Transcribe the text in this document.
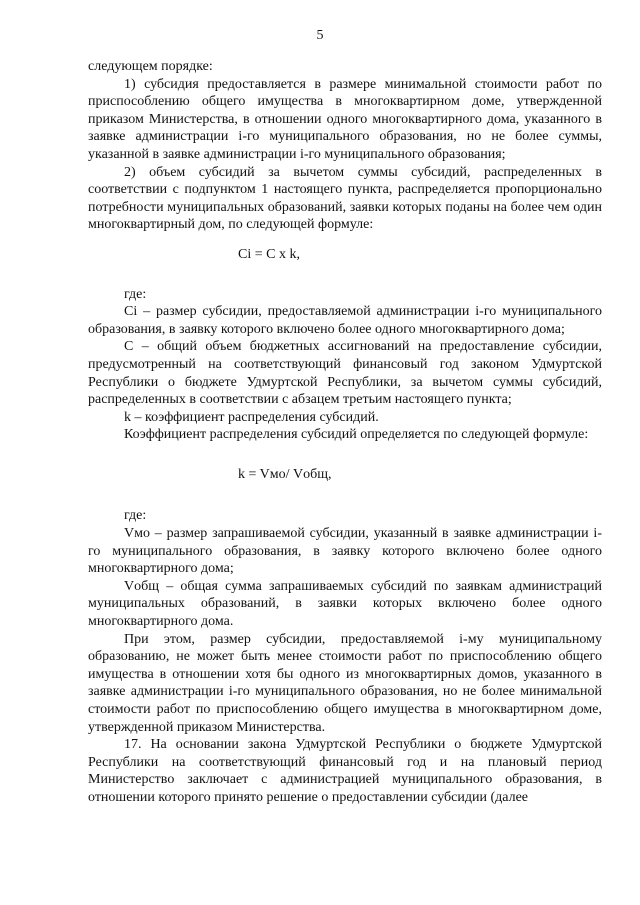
5

следующем порядке:

1) субсидия предоставляется в размере минимальной стоимости работ по приспособлению общего имущества в многоквартирном доме, утвержденной приказом Министерства, в отношении одного многоквартирного дома, указанного в заявке администрации i-го муниципального образования, но не более суммы, указанной в заявке администрации i-го муниципального образования;

2) объем субсидий за вычетом суммы субсидий, распределенных в соответствии с подпунктом 1 настоящего пункта, распределяется пропорционально потребности муниципальных образований, заявки которых поданы на более чем один многоквартирный дом, по следующей формуле:

Ci = C x k,

где:

Ci – размер субсидии, предоставляемой администрации i-го муниципального образования, в заявку которого включено более одного многоквартирного дома;

C – общий объем бюджетных ассигнований на предоставление субсидии, предусмотренный на соответствующий финансовый год законом Удмуртской Республики о бюджете Удмуртской Республики, за вычетом суммы субсидий, распределенных в соответствии с абзацем третьим настоящего пункта;

k – коэффициент распределения субсидий.

Коэффициент распределения субсидий определяется по следующей формуле:

k = Vмо/ Vобщ,

где:

Vмо – размер запрашиваемой субсидии, указанный в заявке администрации i-го муниципального образования, в заявку которого включено более одного многоквартирного дома;

Vобщ – общая сумма запрашиваемых субсидий по заявкам администраций муниципальных образований, в заявки которых включено более одного многоквартирного дома.

При этом, размер субсидии, предоставляемой i-му муниципальному образованию, не может быть менее стоимости работ по приспособлению общего имущества в отношении хотя бы одного из многоквартирных домов, указанного в заявке администрации i-го муниципального образования, но не более минимальной стоимости работ по приспособлению общего имущества в многоквартирном доме, утвержденной приказом Министерства.

17. На основании закона Удмуртской Республики о бюджете Удмуртской Республики на соответствующий финансовый год и на плановый период Министерство заключает с администрацией муниципального образования, в отношении которого принято решение о предоставлении субсидии (далее
